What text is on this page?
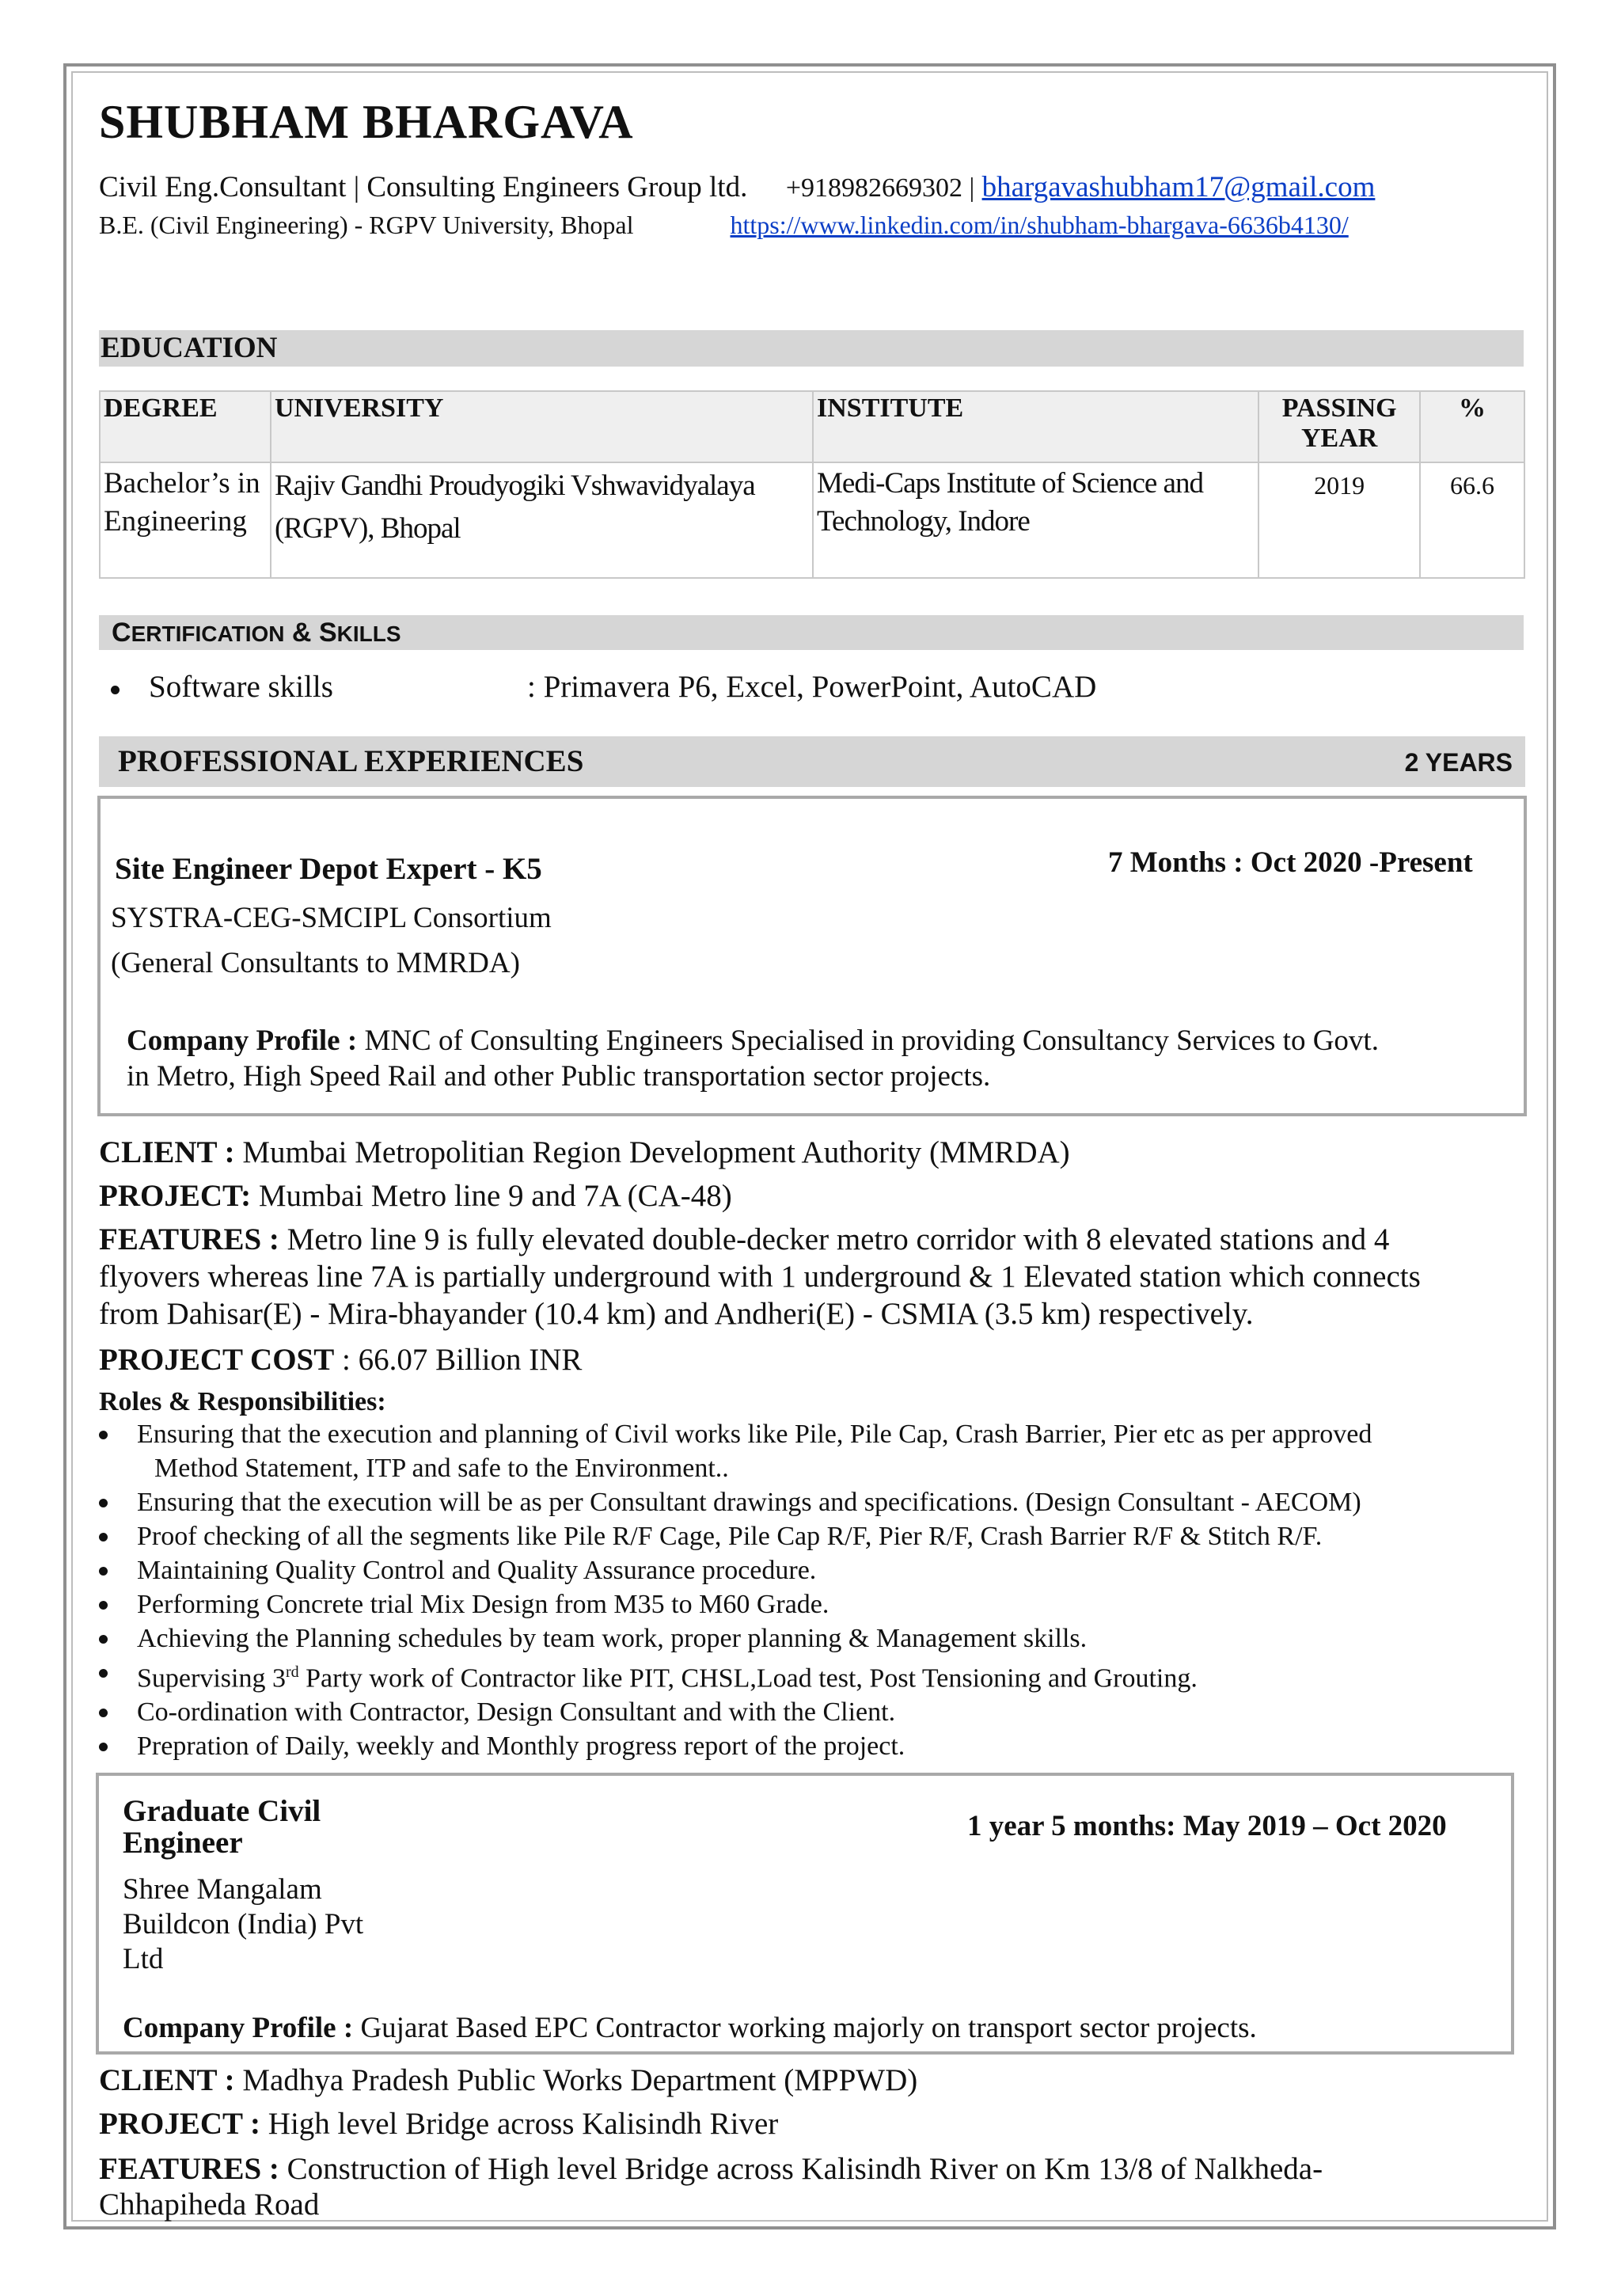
SHUBHAM BHARGAVA
Civil Eng.Consultant | Consulting Engineers Group ltd. +918982669302 | bhargavashubham17@gmail.com
B.E. (Civil Engineering) - RGPV University, Bhopal	https://www.linkedin.com/in/shubham-bhargava-6636b4130/
EDUCATION
DEGREE	UNIVERSITY	INSTITUTE	PASSING YEAR	%
Bachelor’s in Engineering	Rajiv Gandhi Proudyogiki Vshwavidyalaya (RGPV), Bhopal	Medi-Caps Institute of Science and Technology, Indore	2019	66.6
CERTIFICATION & SKILLS
Software skills	: Primavera P6, Excel, PowerPoint, AutoCAD
PROFESSIONAL EXPERIENCES	2 YEARS
Site Engineer Depot Expert - K5	7 Months : Oct 2020 -Present
SYSTRA-CEG-SMCIPL Consortium
(General Consultants to MMRDA)
Company Profile : MNC of Consulting Engineers Specialised in providing Consultancy Services to Govt.
in Metro, High Speed Rail and other Public transportation sector projects.
CLIENT : Mumbai Metropolitian Region Development Authority (MMRDA)
PROJECT: Mumbai Metro line 9 and 7A (CA-48)
FEATURES : Metro line 9 is fully elevated double-decker metro corridor with 8 elevated stations and 4
flyovers whereas line 7A is partially underground with 1 underground & 1 Elevated station which connects
from Dahisar(E) - Mira-bhayander (10.4 km) and Andheri(E) - CSMIA (3.5 km) respectively.
PROJECT COST : 66.07 Billion INR
Roles & Responsibilities:
Ensuring that the execution and planning of Civil works like Pile, Pile Cap, Crash Barrier, Pier etc as per approved
Method Statement, ITP and safe to the Environment..
Ensuring that the execution will be as per Consultant drawings and specifications. (Design Consultant - AECOM)
Proof checking of all the segments like Pile R/F Cage, Pile Cap R/F, Pier R/F, Crash Barrier R/F & Stitch R/F.
Maintaining Quality Control and Quality Assurance procedure.
Performing Concrete trial Mix Design from M35 to M60 Grade.
Achieving the Planning schedules by team work, proper planning & Management skills.
Supervising 3rd Party work of Contractor like PIT, CHSL,Load test, Post Tensioning and Grouting.
Co-ordination with Contractor, Design Consultant and with the Client.
Prepration of Daily, weekly and Monthly progress report of the project.
Graduate Civil
Engineer	1 year 5 months: May 2019 – Oct 2020
Shree Mangalam
Buildcon (India) Pvt
Ltd
Company Profile : Gujarat Based EPC Contractor working majorly on transport sector projects.
CLIENT : Madhya Pradesh Public Works Department (MPPWD)
PROJECT : High level Bridge across Kalisindh River
FEATURES : Construction of High level Bridge across Kalisindh River on Km 13/8 of Nalkheda-
Chhapiheda Road
